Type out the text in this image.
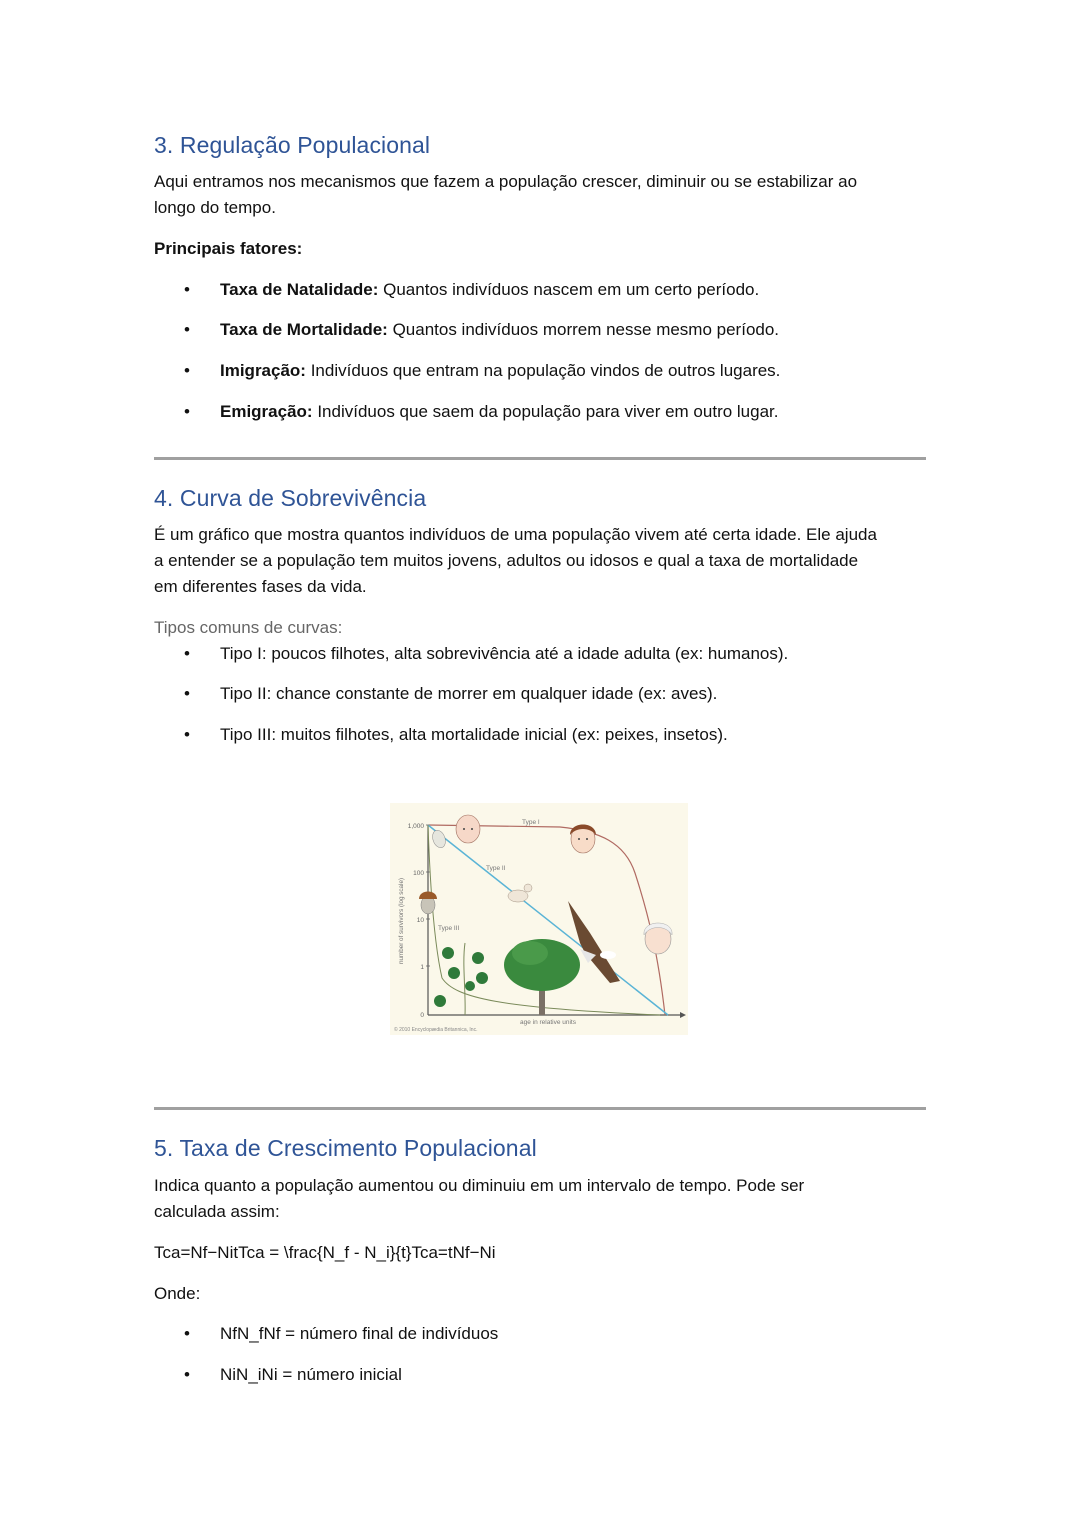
3. Regulação Populacional

Aqui entramos nos mecanismos que fazem a população crescer, diminuir ou se estabilizar ao

longo do tempo.

Principais fatores:

• Taxa de Natalidade: Quantos indivíduos nascem em um certo período.
• Taxa de Mortalidade: Quantos indivíduos morrem nesse mesmo período.
• Imigração: Indivíduos que entram na população vindos de outros lugares.
• Emigração: Indivíduos que saem da população para viver em outro lugar.
4. Curva de Sobrevivência

É um gráfico que mostra quantos indivíduos de uma população vivem até certa idade. Ele ajuda

a entender se a população tem muitos jovens, adultos ou idosos e qual a taxa de mortalidade

em diferentes fases da vida.

Tipos comuns de curvas:

• Tipo I: poucos filhotes, alta sobrevivência até a idade adulta (ex: humanos).
• Tipo II: chance constante de morrer em qualquer idade (ex: aves).
• Tipo III: muitos filhotes, alta mortalidade inicial (ex: peixes, insetos).
1,000
100
10
1
0
number of survivors (log scale)
age in relative units
© 2010 Encyclopædia Britannica, Inc.
Type I
Type II
Type III
5. Taxa de Crescimento Populacional

Indica quanto a população aumentou ou diminuiu em um intervalo de tempo. Pode ser

calculada assim:

Tca=Nf−NitTca = \frac{N_f - N_i}{t}Tca=tNf−Ni

Onde:

• NfN_fNf = número final de indivíduos
• NiN_iNi = número inicial
